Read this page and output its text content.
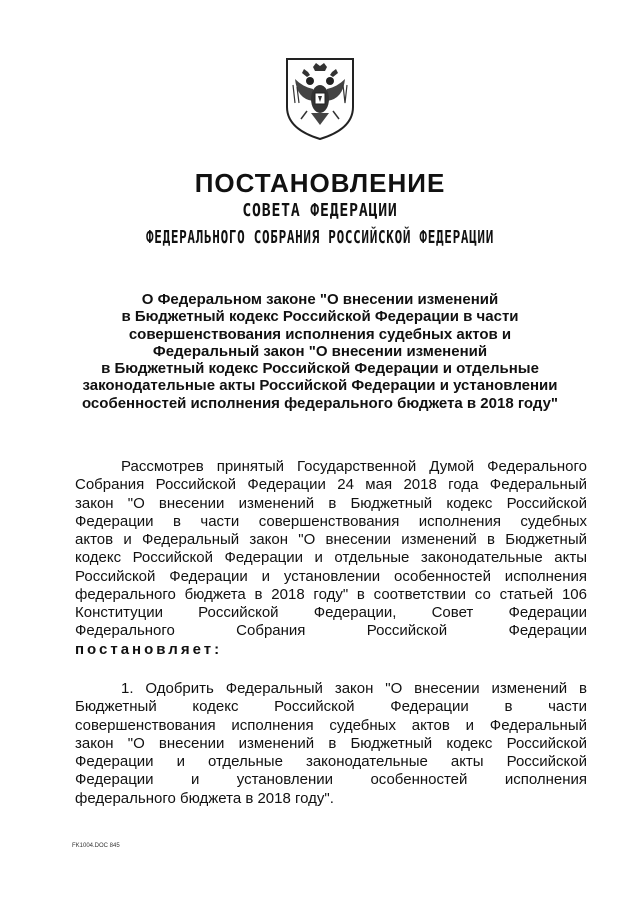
ПОСТАНОВЛЕНИЕ
СОВЕТА ФЕДЕРАЦИИ
ФЕДЕРАЛЬНОГО СОБРАНИЯ РОССИЙСКОЙ ФЕДЕРАЦИИ
О Федеральном законе "О внесении изменений
в Бюджетный кодекс Российской Федерации в части
совершенствования исполнения судебных актов и
Федеральный закон "О внесении изменений
в Бюджетный кодекс Российской Федерации и отдельные
законодательные акты Российской Федерации и установлении
особенностей исполнения федерального бюджета в 2018 году"
Рассмотрев принятый Государственной Думой Федерального
Собрания Российской Федерации 24 мая 2018 года Федеральный
закон "О внесении изменений в Бюджетный кодекс Российской
Федерации в части совершенствования исполнения судебных
актов и Федеральный закон "О внесении изменений в Бюджетный
кодекс Российской Федерации и отдельные законодательные акты
Российской Федерации и установлении особенностей исполнения
федерального бюджета в 2018 году" в соответствии со статьей 106
Конституции Российской Федерации, Совет Федерации
Федерального Собрания Российской Федерации
постановляет:
1. Одобрить Федеральный закон "О внесении изменений в
Бюджетный кодекс Российской Федерации в части
совершенствования исполнения судебных актов и Федеральный
закон "О внесении изменений в Бюджетный кодекс Российской
Федерации и отдельные законодательные акты Российской
Федерации и установлении особенностей исполнения
федерального бюджета в 2018 году".
FK1004.DOC 845
